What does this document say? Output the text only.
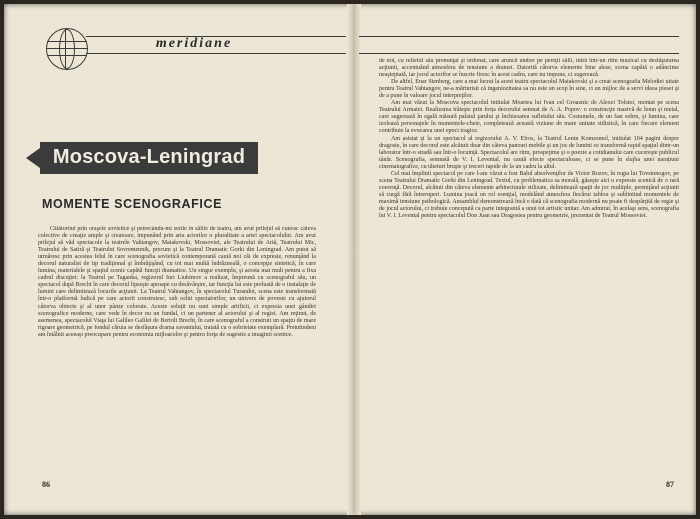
meridiane
Moscova-Leningrad
MOMENTE SCENOGRAFICE

Călătorind prin oraşele sovietice şi petrecându-mi serile în sălile de teatru, am avut prilejul să cunosc câteva colective de creaţie ample şi creatoare, impunând prin arta actorilor o pluralitate a artei spectacolului. Am avut prilejul să văd spectacole la teatrele Vahtangov, Maiakovski, Mossoviet, ale Teatrului de Artă, Teatrului Mic, Teatrului de Satiră şi Teatrului Sovremennik, precum şi la Teatrul Dramatic Gorki din Leningrad. Am putut să urmăresc prin acestea felul în care scenografia sovietică contemporană caută noi căi de expresie, renunţând la decorul naturalist de tip tradiţional şi îmbrăţişând, cu tot mai multă îndrăzneală, o concepţie sintetică, în care lumina, materialele şi spaţiul scenic capătă funcţii dramatice. Un singur exemplu, şi acesta mai mult pentru a fixa cadrul discuţiei: la Teatrul pe Taganka, regizorul Iuri Liubimov a realizat, împreună cu scenograful său, un spectacol după Brecht în care decorul lipseşte aproape cu desăvârşire, iar funcţia lui este preluată de o instalaţie de lumini care delimitează locurile acţiunii. La Teatrul Vahtangov, în spectacolul Turandot, scena este transformată într-o platformă ludică pe care actorii construiesc, sub ochii spectatorilor, un univers de poveste cu ajutorul câtorva obiecte şi al unor pânze colorate. Aceste soluţii nu sunt simple artificii, ci expresia unei gândiri scenografice moderne, care vede în decor nu un fundal, ci un partener al actorului şi al regiei. Am reţinut, de asemenea, spectacolul Viaţa lui Galileo Galilei de Bertolt Brecht, în care scenograful a construit un spaţiu de mare rigoare geometrică, pe fondul căruia se desfăşura drama savantului, tratată cu o sobrietate exemplară. Pretutindeni am întâlnit aceeaşi preocupare pentru economia mijloacelor şi pentru forţa de sugestie a imaginii scenice.

86

de noi, cu relieful său pronunţat şi ordonat, care aruncă umbre pe pereţii sălii, intră într-un ritm muzical cu desfăşurarea acţiunii, accentuând atmosfera de tensiune a dramei. Datorită câtorva elemente bine alese, scena capătă o adâncime neaşteptată, iar jocul actorilor se înscrie firesc în acest cadru, care nu impune, ci sugerează.

De altfel, Enar Stenberg, care a mai lucrat la acest teatru spectacolul Maiakovski şi a creat scenografia Melodiei uitate pentru Teatrul Vahtangov, ne-a mărturisit că ingeniozitatea sa nu este un scop în sine, ci un mijloc de a servi ideea piesei şi de a pune în valoare jocul interpreţilor.

Am mai văzut la Moscova spectacolul intitulat Moartea lui Ivan cel Groaznic de Alexei Tolstoi, montat pe scena Teatrului Armatei. Realizarea trăieşte prin forţa decorului semnat de A. A. Popov: o construcţie masivă de lemn şi metal, care sugerează în egală măsură palatul ţarului şi închisoarea sufletului său. Costumele, de un fast sobru, şi lumina, care izolează personajele în momentele-cheie, completează această viziune de mare unitate stilistică, în care fiecare element contribuie la evocarea unei epoci tragice.

Am asistat şi la un spectacol al regizorului A. V. Efros, la Teatrul Lenin Komsomol, intitulat 104 pagini despre dragoste, în care decorul este alcătuit doar din câteva panouri mobile şi un joc de lumini ce transformă rapid spaţiul dintr-un laborator într-o stradă sau într-o locuinţă. Spectacolul are ritm, prospeţime şi o poezie a cotidianului care cucereşte publicul tânăr. Scenografia, semnată de V. I. Levental, nu caută efecte spectaculoase, ci se pune în slujba unei narațiuni cinematografice, cu tăieturi bruşte şi treceri rapide de la un cadru la altul.

Cel mai împlinit spectacol pe care l-am văzut a fost Balul absolvenţilor de Victor Rozov, în regia lui Tovstonogov, pe scena Teatrului Dramatic Gorki din Leningrad. Textul, cu problematica sa morală, găseşte aici o expresie scenică de o rară coerenţă. Decorul, alcătuit din câteva elemente arhitecturale stilizate, delimitează spaţii de joc multiple, permiţând acţiunii să curgă fără întreruperi. Lumina joacă un rol esenţial, modelând atmosfera fiecărui tablou şi subliniind momentele de maximă tensiune psihologică. Ansamblul demonstrează încă o dată că scenografia modernă nu poate fi despărţită de regie şi de jocul actorului, ci trebuie concepută ca parte integrantă a unui tot artistic unitar. Am admirat, în acelaşi sens, scenografia lui V. I. Levental pentru spectacolul Don Juan sau Dragostea pentru geometrie, prezentat de Teatrul Mossoviet.

87
